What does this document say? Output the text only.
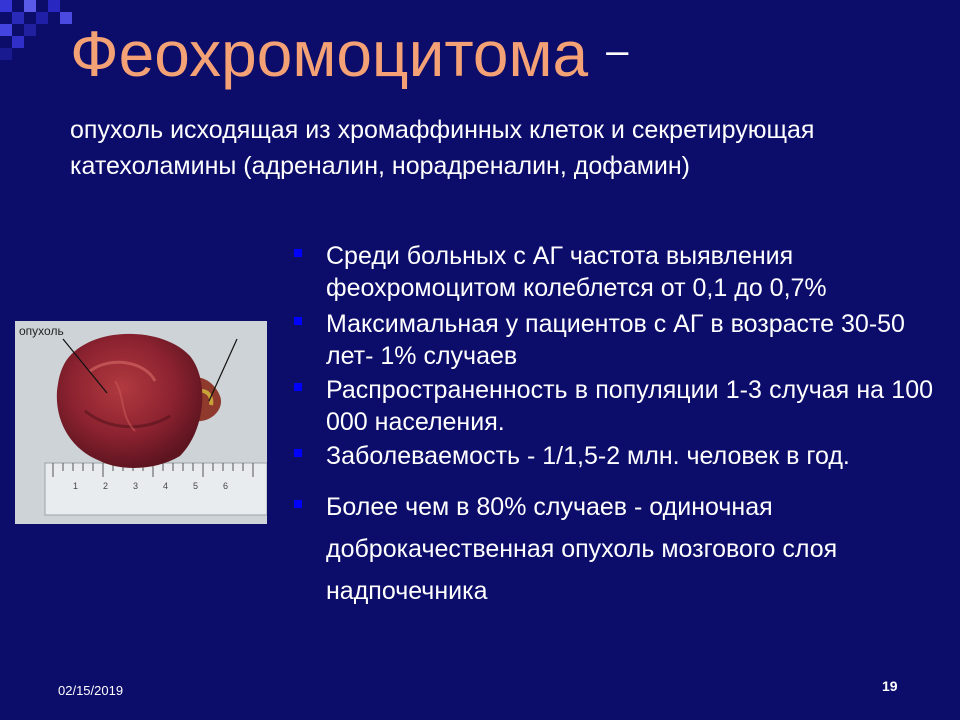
Феохромоцитома –

опухоль исходящая из хромаффинных клеток и секретирующая катехоламины (адреналин, норадреналин, дофамин)

1	2	3	4	5	6
опухоль
Среди больных с АГ частота выявления феохромоцитом колеблется от 0,1 до 0,7%
Максимальная у пациентов с АГ в возрасте 30-50 лет- 1% случаев
Распространенность в популяции 1-3 случая на 100 000 населения.
Заболеваемость - 1/1,5-2 млн. человек в год.
Более чем в 80% случаев - одиночная доброкачественная опухоль мозгового слоя надпочечника
02/15/2019	19
